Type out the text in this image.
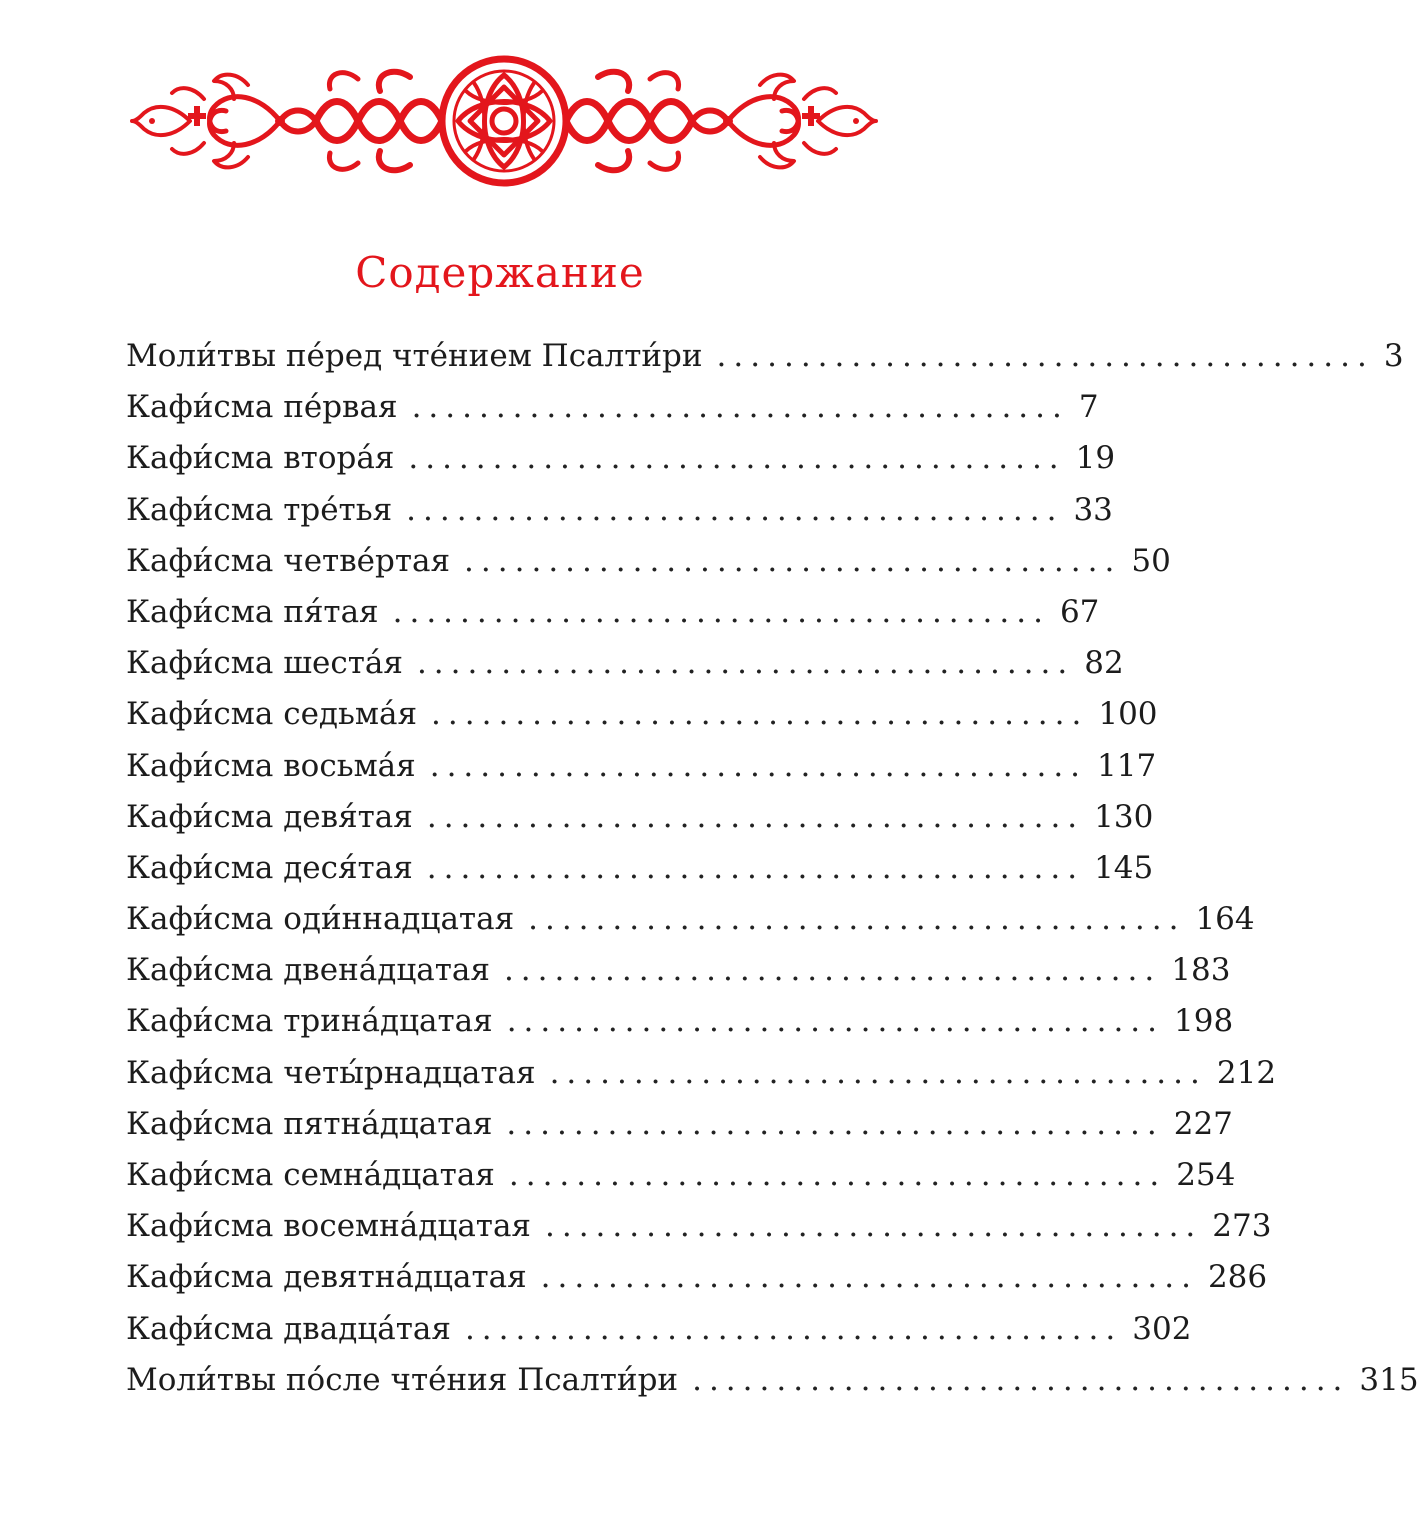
Содержание
Моли́твы пе́ред чте́нием Псалти́ри ....................................... 3
Кафи́сма пе́рвая ....................................... 7
Кафи́сма втора́я ....................................... 19
Кафи́сма тре́тья ....................................... 33
Кафи́сма четве́ртая ....................................... 50
Кафи́сма пя́тая ....................................... 67
Кафи́сма шеста́я ....................................... 82
Кафи́сма седьма́я ....................................... 100
Кафи́сма восьма́я ....................................... 117
Кафи́сма девя́тая ....................................... 130
Кафи́сма деся́тая ....................................... 145
Кафи́сма оди́ннадцатая ....................................... 164
Кафи́сма двена́дцатая ....................................... 183
Кафи́сма трина́дцатая ....................................... 198
Кафи́сма четы́рнадцатая ....................................... 212
Кафи́сма пятна́дцатая ....................................... 227
Кафи́сма семна́дцатая ....................................... 254
Кафи́сма восемна́дцатая ....................................... 273
Кафи́сма девятна́дцатая ....................................... 286
Кафи́сма двадца́тая ....................................... 302
Моли́твы по́сле чте́ния Псалти́ри ....................................... 315
